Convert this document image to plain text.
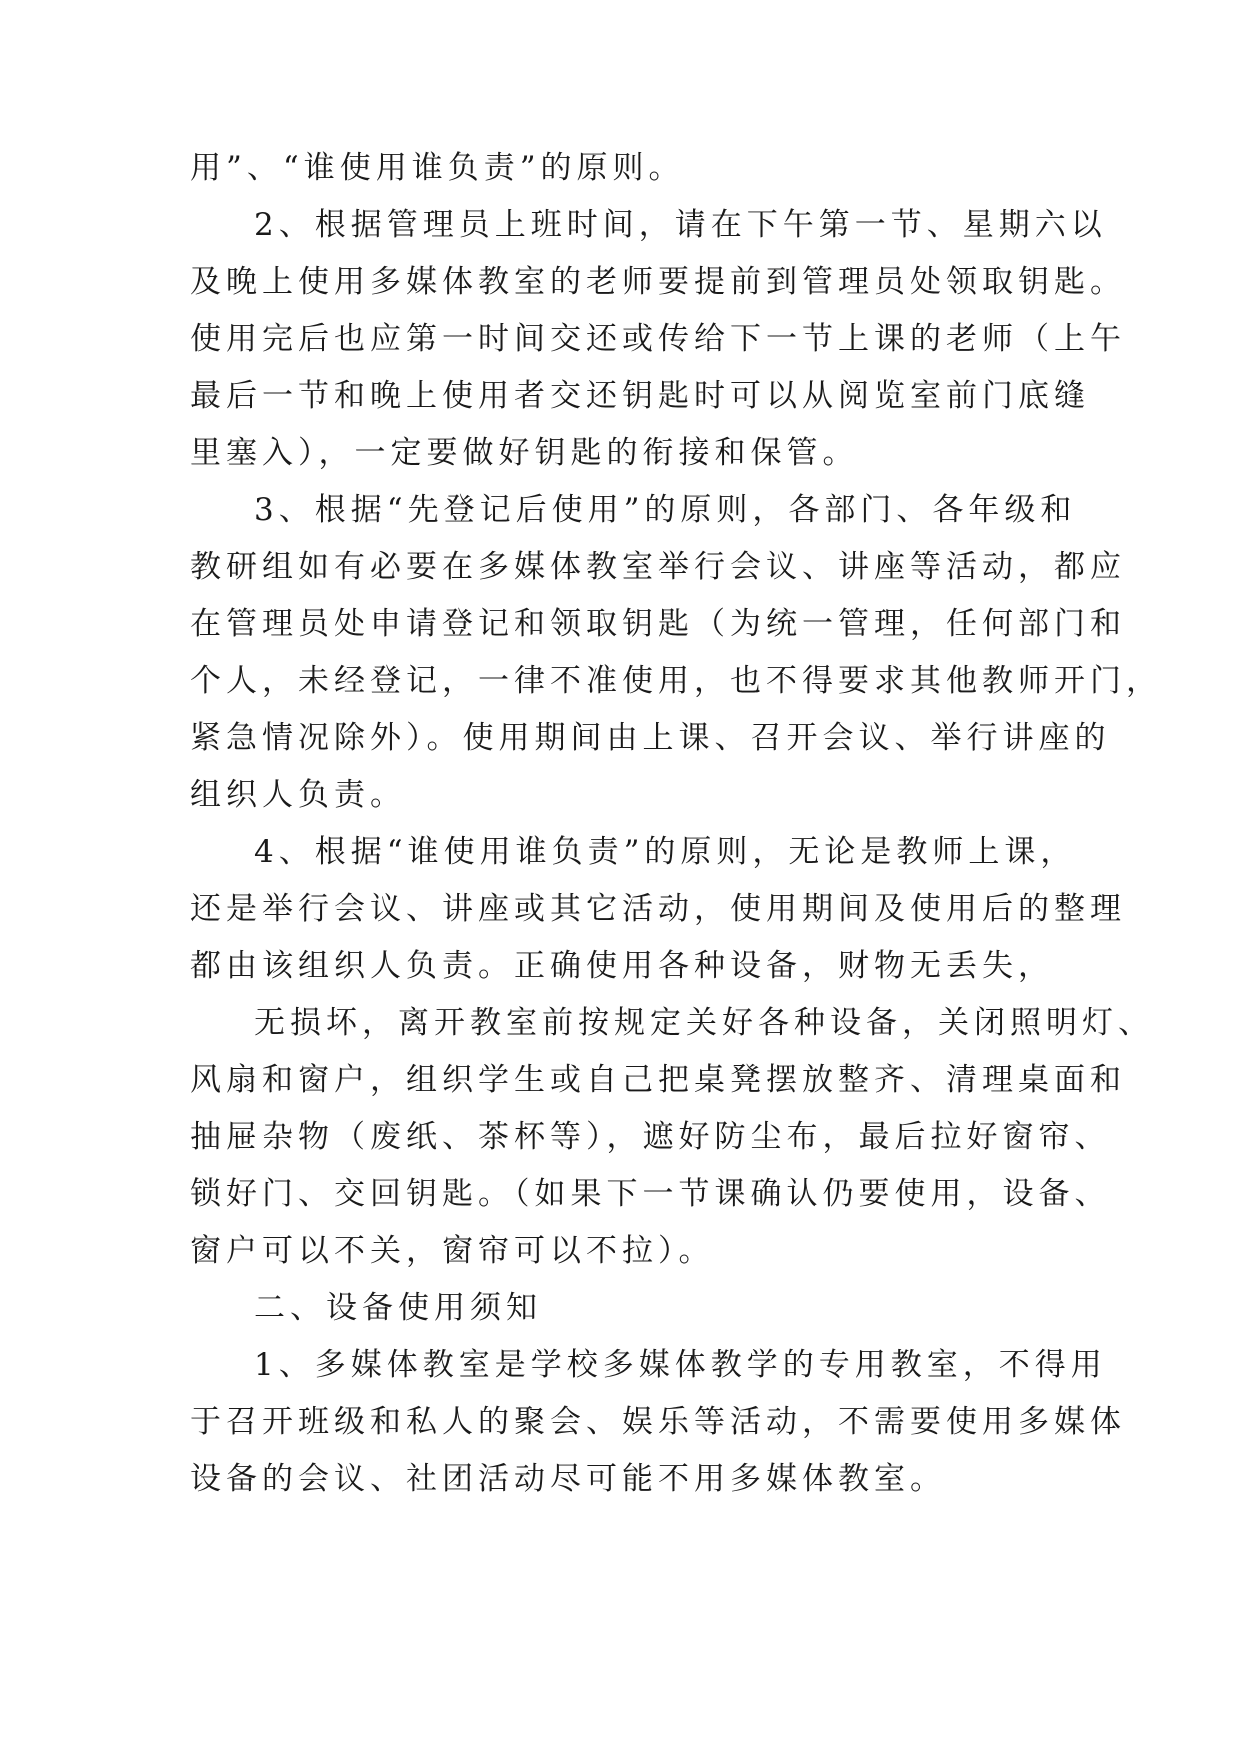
用”、“谁使用谁负责”的原则。

2、根据管理员上班时间，请在下午第一节、星期六以

及晚上使用多媒体教室的老师要提前到管理员处领取钥匙。

使用完后也应第一时间交还或传给下一节上课的老师（上午

最后一节和晚上使用者交还钥匙时可以从阅览室前门底缝

里塞入），一定要做好钥匙的衔接和保管。

3、根据“先登记后使用”的原则，各部门、各年级和

教研组如有必要在多媒体教室举行会议、讲座等活动，都应

在管理员处申请登记和领取钥匙（为统一管理，任何部门和

个人，未经登记，一律不准使用，也不得要求其他教师开门，

紧急情况除外）。使用期间由上课、召开会议、举行讲座的

组织人负责。

4、根据“谁使用谁负责”的原则，无论是教师上课，

还是举行会议、讲座或其它活动，使用期间及使用后的整理

都由该组织人负责。正确使用各种设备，财物无丢失，

无损坏，离开教室前按规定关好各种设备，关闭照明灯、

风扇和窗户，组织学生或自己把桌凳摆放整齐、清理桌面和

抽屉杂物（废纸、茶杯等），遮好防尘布，最后拉好窗帘、

锁好门、交回钥匙。（如果下一节课确认仍要使用，设备、

窗户可以不关，窗帘可以不拉）。

二、设备使用须知

1、多媒体教室是学校多媒体教学的专用教室，不得用

于召开班级和私人的聚会、娱乐等活动，不需要使用多媒体

设备的会议、社团活动尽可能不用多媒体教室。
